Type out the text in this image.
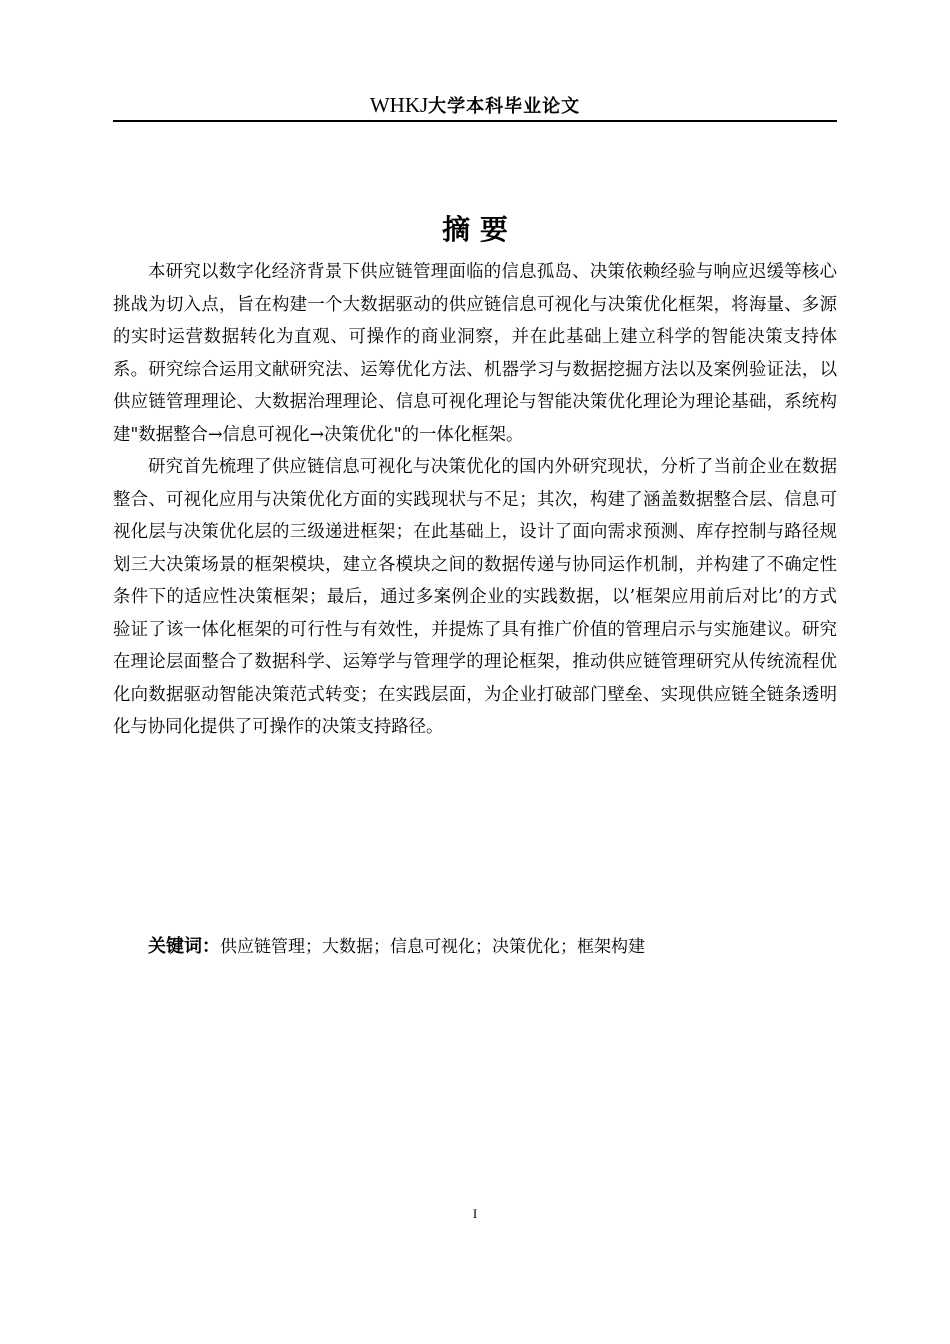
WHKJ大学本科毕业论文
摘 要

本研究以数字化经济背景下供应链管理面临的信息孤岛、决策依赖经验与响应迟缓等核心挑战为切入点，旨在构建一个大数据驱动的供应链信息可视化与决策优化框架，将海量、多源的实时运营数据转化为直观、可操作的商业洞察，并在此基础上建立科学的智能决策支持体系。研究综合运用文献研究法、运筹优化方法、机器学习与数据挖掘方法以及案例验证法，以供应链管理理论、大数据治理理论、信息可视化理论与智能决策优化理论为理论基础，系统构建"数据整合→信息可视化→决策优化"的一体化框架。

研究首先梳理了供应链信息可视化与决策优化的国内外研究现状，分析了当前企业在数据整合、可视化应用与决策优化方面的实践现状与不足；其次，构建了涵盖数据整合层、信息可视化层与决策优化层的三级递进框架；在此基础上，设计了面向需求预测、库存控制与路径规划三大决策场景的框架模块，建立各模块之间的数据传递与协同运作机制，并构建了不确定性条件下的适应性决策框架；最后，通过多案例企业的实践数据，以’框架应用前后对比’的方式验证了该一体化框架的可行性与有效性，并提炼了具有推广价值的管理启示与实施建议。研究在理论层面整合了数据科学、运筹学与管理学的理论框架，推动供应链管理研究从传统流程优化向数据驱动智能决策范式转变；在实践层面，为企业打破部门壁垒、实现供应链全链条透明化与协同化提供了可操作的决策支持路径。

关键词：供应链管理；大数据；信息可视化；决策优化；框架构建
I
